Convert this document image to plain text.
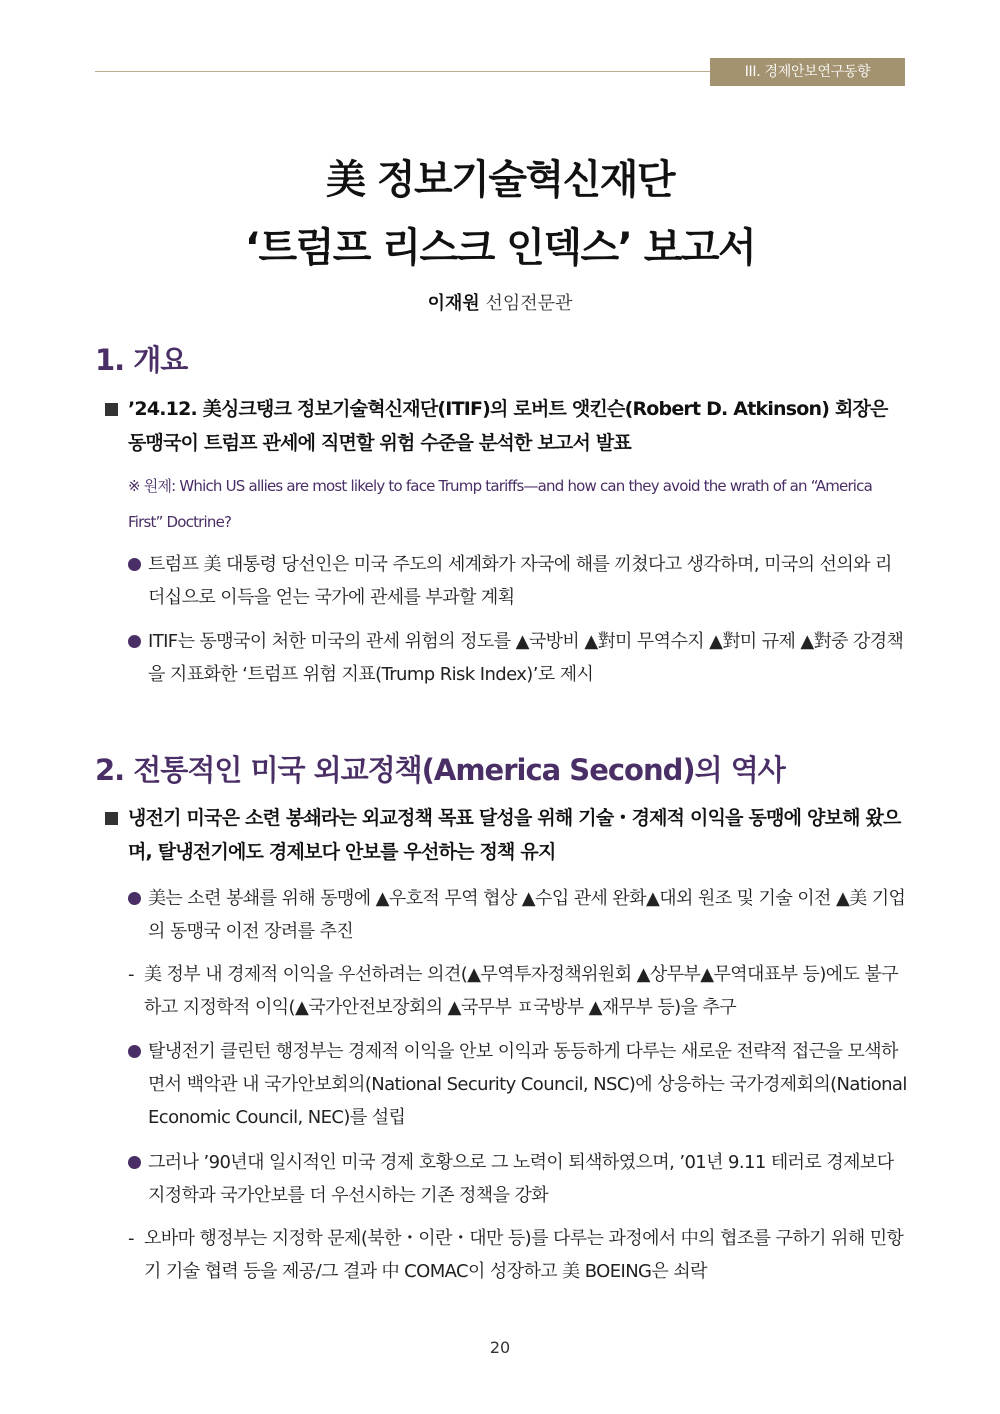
III. 경제안보연구동향
美 정보기술혁신재단
‘트럼프 리스크 인덱스’ 보고서
이재원 선임전문관
1. 개요
’24.12. 美싱크탱크 정보기술혁신재단(ITIF)의 로버트 앳킨슨(Robert D. Atkinson) 회장은 동맹국이 트럼프 관세에 직면할 위험 수준을 분석한 보고서 발표
※ 원제: Which US allies are most likely to face Trump tariffs—and how can they avoid the wrath of an “America First” Doctrine?
트럼프 美 대통령 당선인은 미국 주도의 세계화가 자국에 해를 끼쳤다고 생각하며, 미국의 선의와 리더십으로 이득을 얻는 국가에 관세를 부과할 계획
ITIF는 동맹국이 처한 미국의 관세 위험의 정도를 ▲국방비 ▲對미 무역수지 ▲對미 규제 ▲對중 강경책을 지표화한 ‘트럼프 위험 지표(Trump Risk Index)’로 제시
2. 전통적인 미국 외교정책(America Second)의 역사
냉전기 미국은 소련 봉쇄라는 외교정책 목표 달성을 위해 기술・경제적 이익을 동맹에 양보해 왔으며, 탈냉전기에도 경제보다 안보를 우선하는 정책 유지
美는 소련 봉쇄를 위해 동맹에 ▲우호적 무역 협상 ▲수입 관세 완화▲대외 원조 및 기술 이전 ▲美 기업의 동맹국 이전 장려를 추진
- 美 정부 내 경제적 이익을 우선하려는 의견(▲무역투자정책위원회 ▲상무부▲무역대표부 등)에도 불구하고 지정학적 이익(▲국가안전보장회의 ▲국무부 ㅍ국방부 ▲재무부 등)을 추구
탈냉전기 클린턴 행정부는 경제적 이익을 안보 이익과 동등하게 다루는 새로운 전략적 접근을 모색하면서 백악관 내 국가안보회의(National Security Council, NSC)에 상응하는 국가경제회의(National Economic Council, NEC)를 설립
그러나 ’90년대 일시적인 미국 경제 호황으로 그 노력이 퇴색하였으며, ’01년 9.11 테러로 경제보다 지정학과 국가안보를 더 우선시하는 기존 정책을 강화
- 오바마 행정부는 지정학 문제(북한・이란・대만 등)를 다루는 과정에서 中의 협조를 구하기 위해 민항기 기술 협력 등을 제공/그 결과 中 COMAC이 성장하고 美 BOEING은 쇠락
20
